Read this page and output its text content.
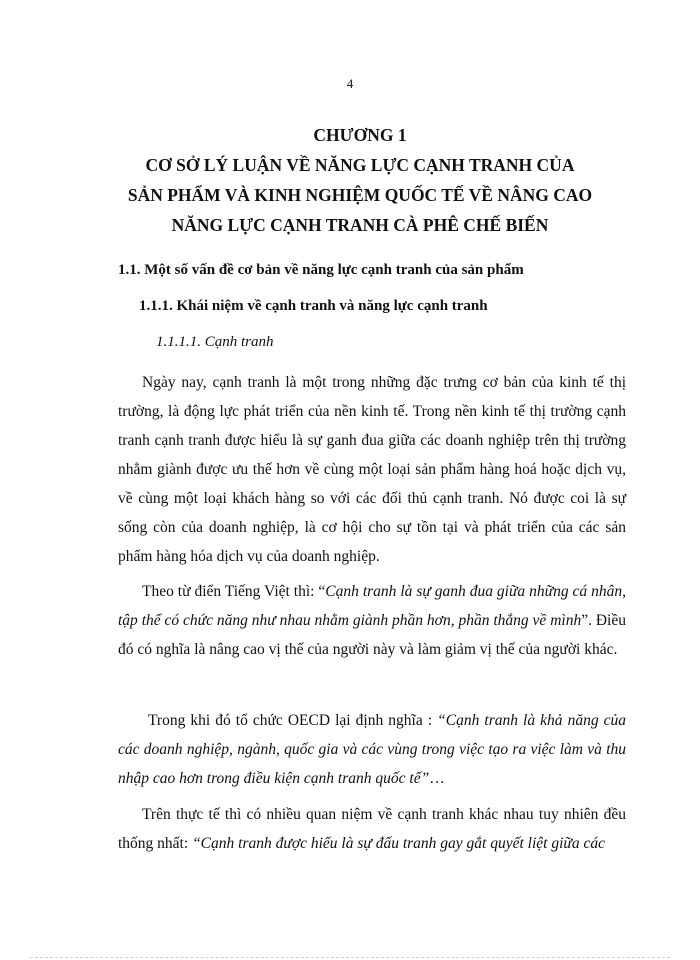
4
CHƯƠNG 1
CƠ SỞ LÝ LUẬN VỀ NĂNG LỰC CẠNH TRANH CỦA
SẢN PHẨM VÀ KINH NGHIỆM QUỐC TẾ VỀ NÂNG CAO
NĂNG LỰC CẠNH TRANH CÀ PHÊ CHẾ BIẾN
1.1. Một số vấn đề cơ bản về năng lực cạnh tranh của sản phẩm
1.1.1. Khái niệm về cạnh tranh và năng lực cạnh tranh
1.1.1.1. Cạnh tranh

Ngày nay, cạnh tranh là một trong những đặc trưng cơ bản của kinh tế thị trường, là động lực phát triển của nền kinh tế. Trong nền kinh tế thị trường cạnh tranh cạnh tranh được hiểu là sự ganh đua giữa các doanh nghiệp trên thị trường nhằm giành được ưu thế hơn về cùng một loại sản phẩm hàng hoá hoặc dịch vụ, về cùng một loại khách hàng so với các đối thủ cạnh tranh. Nó được coi là sự sống còn của doanh nghiệp, là cơ hội cho sự tồn tại và phát triển của các sản phẩm hàng hóa dịch vụ của doanh nghiệp.

Theo từ điển Tiếng Việt thì: “Cạnh tranh là sự ganh đua giữa những cá nhân, tập thể có chức năng như nhau nhằm giành phần hơn, phần thắng về mình”. Điều đó có nghĩa là nâng cao vị thế của người này và làm giảm vị thế của người khác.

Trong khi đó tổ chức OECD lại định nghĩa : “Cạnh tranh là khả năng của các doanh nghiệp, ngành, quốc gia và các vùng trong việc tạo ra việc làm và thu nhập cao hơn trong điều kiện cạnh tranh quốc tế”…

Trên thực tế thì có nhiều quan niệm về cạnh tranh khác nhau tuy nhiên đều thống nhất: “Cạnh tranh được hiểu là sự đấu tranh gay gắt quyết liệt giữa các
